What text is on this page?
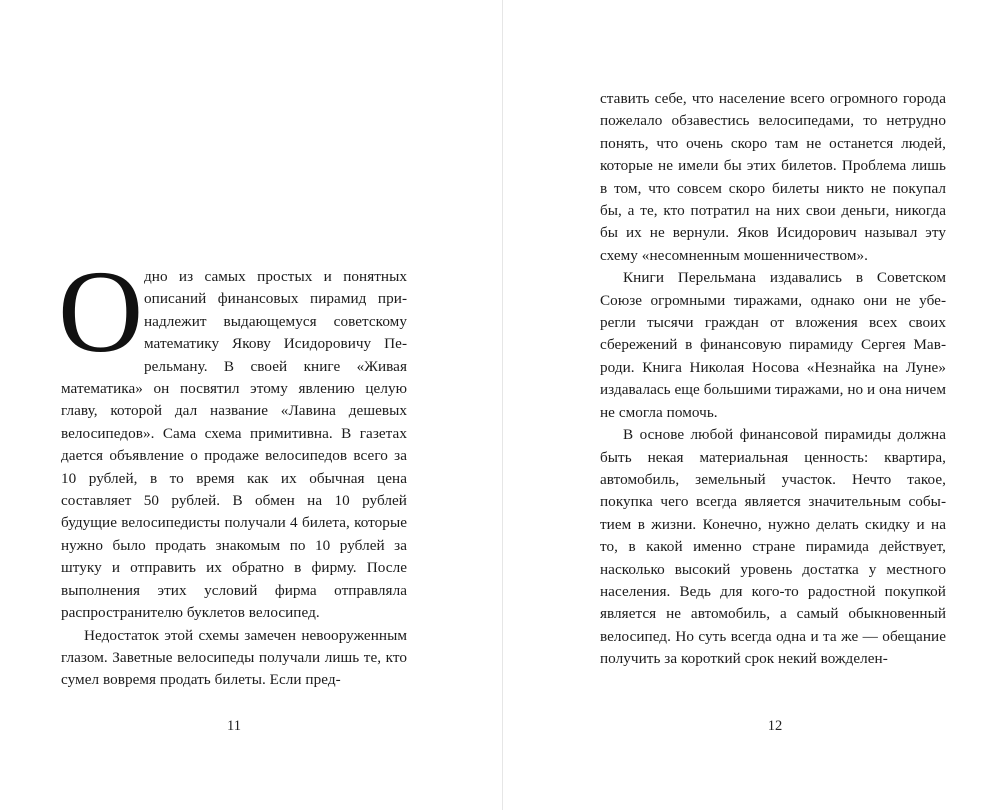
Одно из самых простых и понятных описаний финансовых пирамид принадлежит выдающемуся советскому математику Якову Исидоровичу Перельману. В своей книге «Живая математика» он посвятил этому явлению целую главу, которой дал название «Лавина дешевых велосипедов». Сама схема примитивна. В газетах дается объявление о продаже велосипедов всего за 10 рублей, в то время как их обычная цена составляет 50 рублей. В обмен на 10 рублей будущие велосипедисты получали 4 билета, которые нужно было продать знакомым по 10 рублей за штуку и отправить их обратно в фирму. После выполнения этих условий фирма отправляла распространителю буклетов велосипед.

Недостаток этой схемы замечен невооруженным глазом. Заветные велосипеды получали лишь те, кто сумел вовремя продать билеты. Если пред-

11

ставить себе, что население всего огромного города пожелало обзавестись велосипедами, то нетрудно понять, что очень скоро там не останется людей, которые не имели бы этих билетов. Проблема лишь в том, что совсем скоро билеты никто не покупал бы, а те, кто потратил на них свои деньги, никогда бы их не вернули. Яков Исидорович называл эту схему «несомненным мошенничеством».

Книги Перельмана издавались в Советском Союзе огромными тиражами, однако они не уберегли тысячи граждан от вложения всех своих сбережений в финансовую пирамиду Сергея Мавроди. Книга Николая Носова «Незнайка на Луне» издавалась еще большими тиражами, но и она ничем не смогла помочь.

В основе любой финансовой пирамиды должна быть некая материальная ценность: квартира, автомобиль, земельный участок. Нечто такое, покупка чего всегда является значительным событием в жизни. Конечно, нужно делать скидку и на то, в какой именно стране пирамида действует, насколько высокий уровень достатка у местного населения. Ведь для кого-то радостной покупкой является не автомобиль, а самый обыкновенный велосипед. Но суть всегда одна и та же — обещание получить за короткий срок некий вожделен-

12
